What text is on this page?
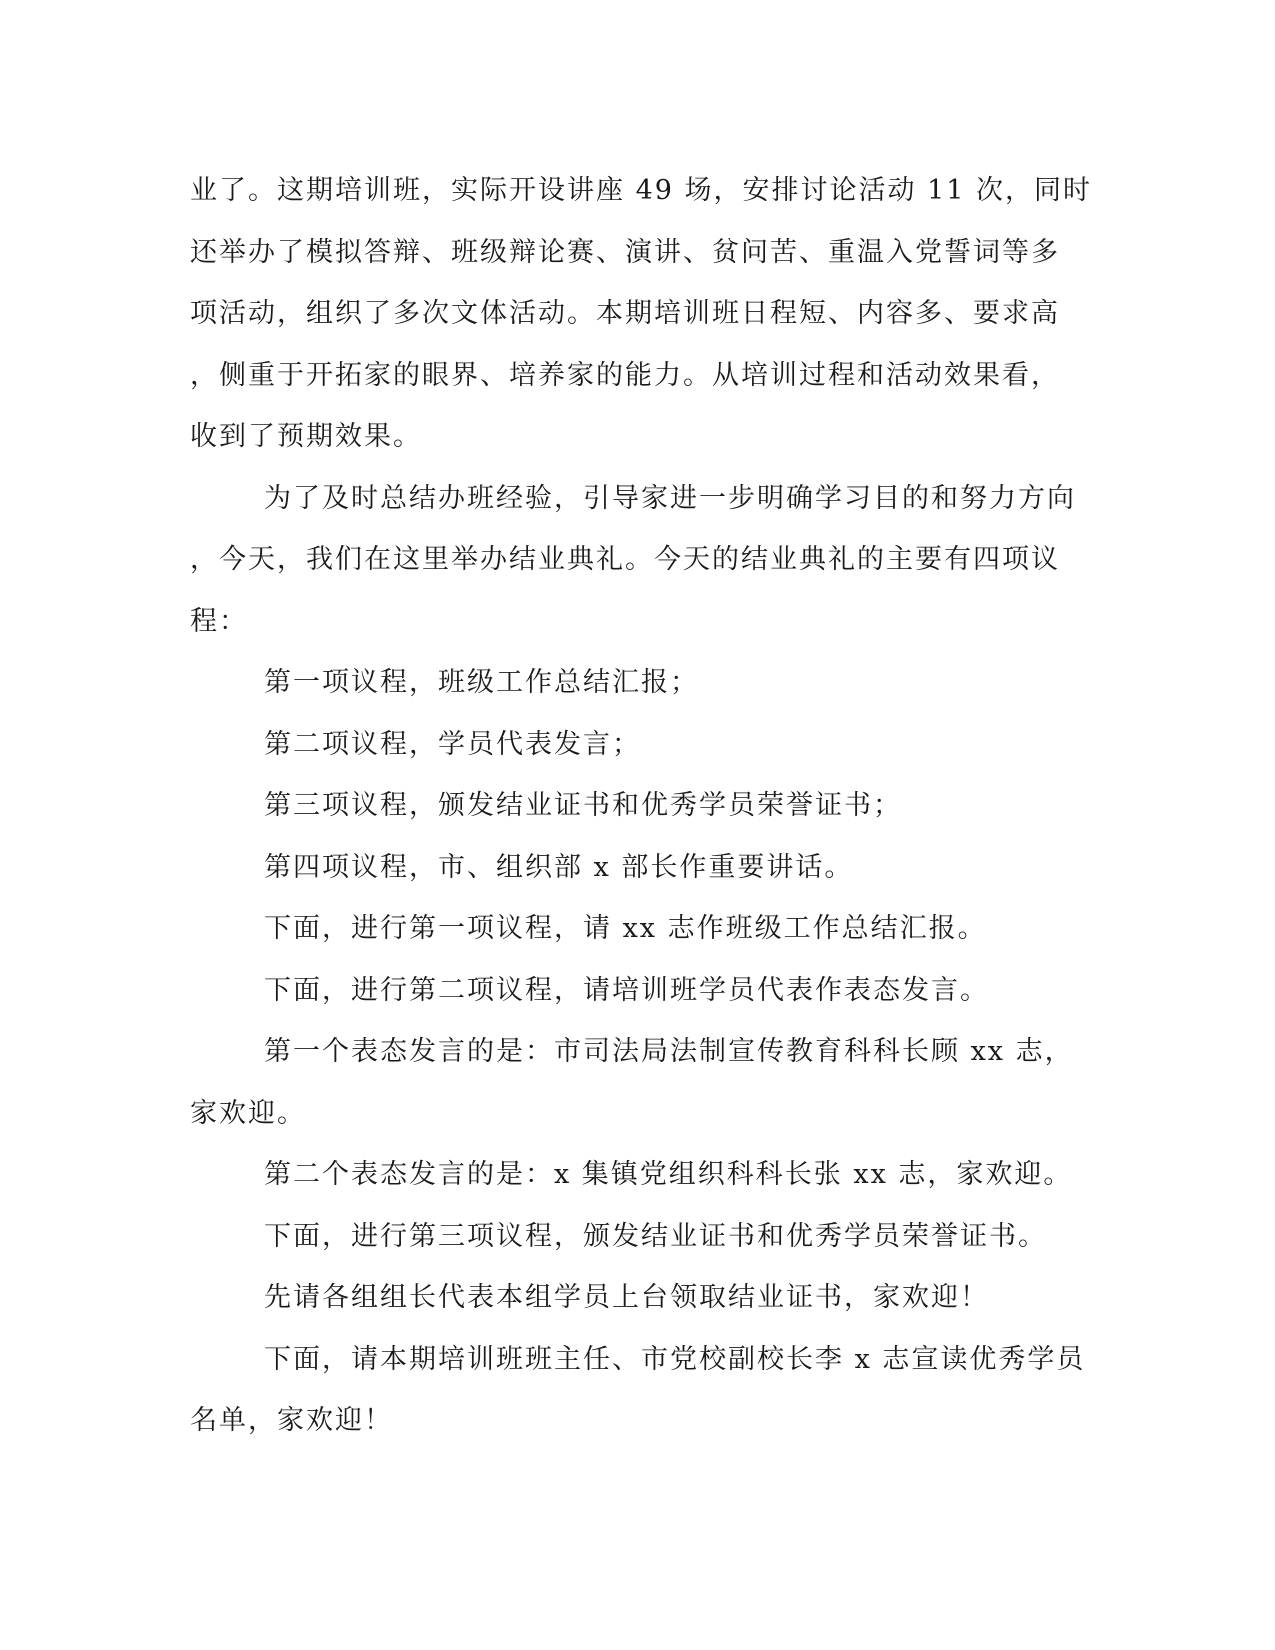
业了。这期培训班，实际开设讲座 49 场，安排讨论活动 11 次，同时
还举办了模拟答辩、班级辩论赛、演讲、贫问苦、重温入党誓词等多
项活动，组织了多次文体活动。本期培训班日程短、内容多、要求高
，侧重于开拓家的眼界、培养家的能力。从培训过程和活动效果看，
收到了预期效果。
为了及时总结办班经验，引导家进一步明确学习目的和努力方向
，今天，我们在这里举办结业典礼。今天的结业典礼的主要有四项议
程：
第一项议程，班级工作总结汇报；
第二项议程，学员代表发言；
第三项议程，颁发结业证书和优秀学员荣誉证书；
第四项议程，市、组织部 x 部长作重要讲话。
下面，进行第一项议程，请 xx 志作班级工作总结汇报。
下面，进行第二项议程，请培训班学员代表作表态发言。
第一个表态发言的是：市司法局法制宣传教育科科长顾 xx 志，
家欢迎。
第二个表态发言的是：x 集镇党组织科科长张 xx 志，家欢迎。
下面，进行第三项议程，颁发结业证书和优秀学员荣誉证书。
先请各组组长代表本组学员上台领取结业证书，家欢迎！
下面，请本期培训班班主任、市党校副校长李 x 志宣读优秀学员
名单，家欢迎！
